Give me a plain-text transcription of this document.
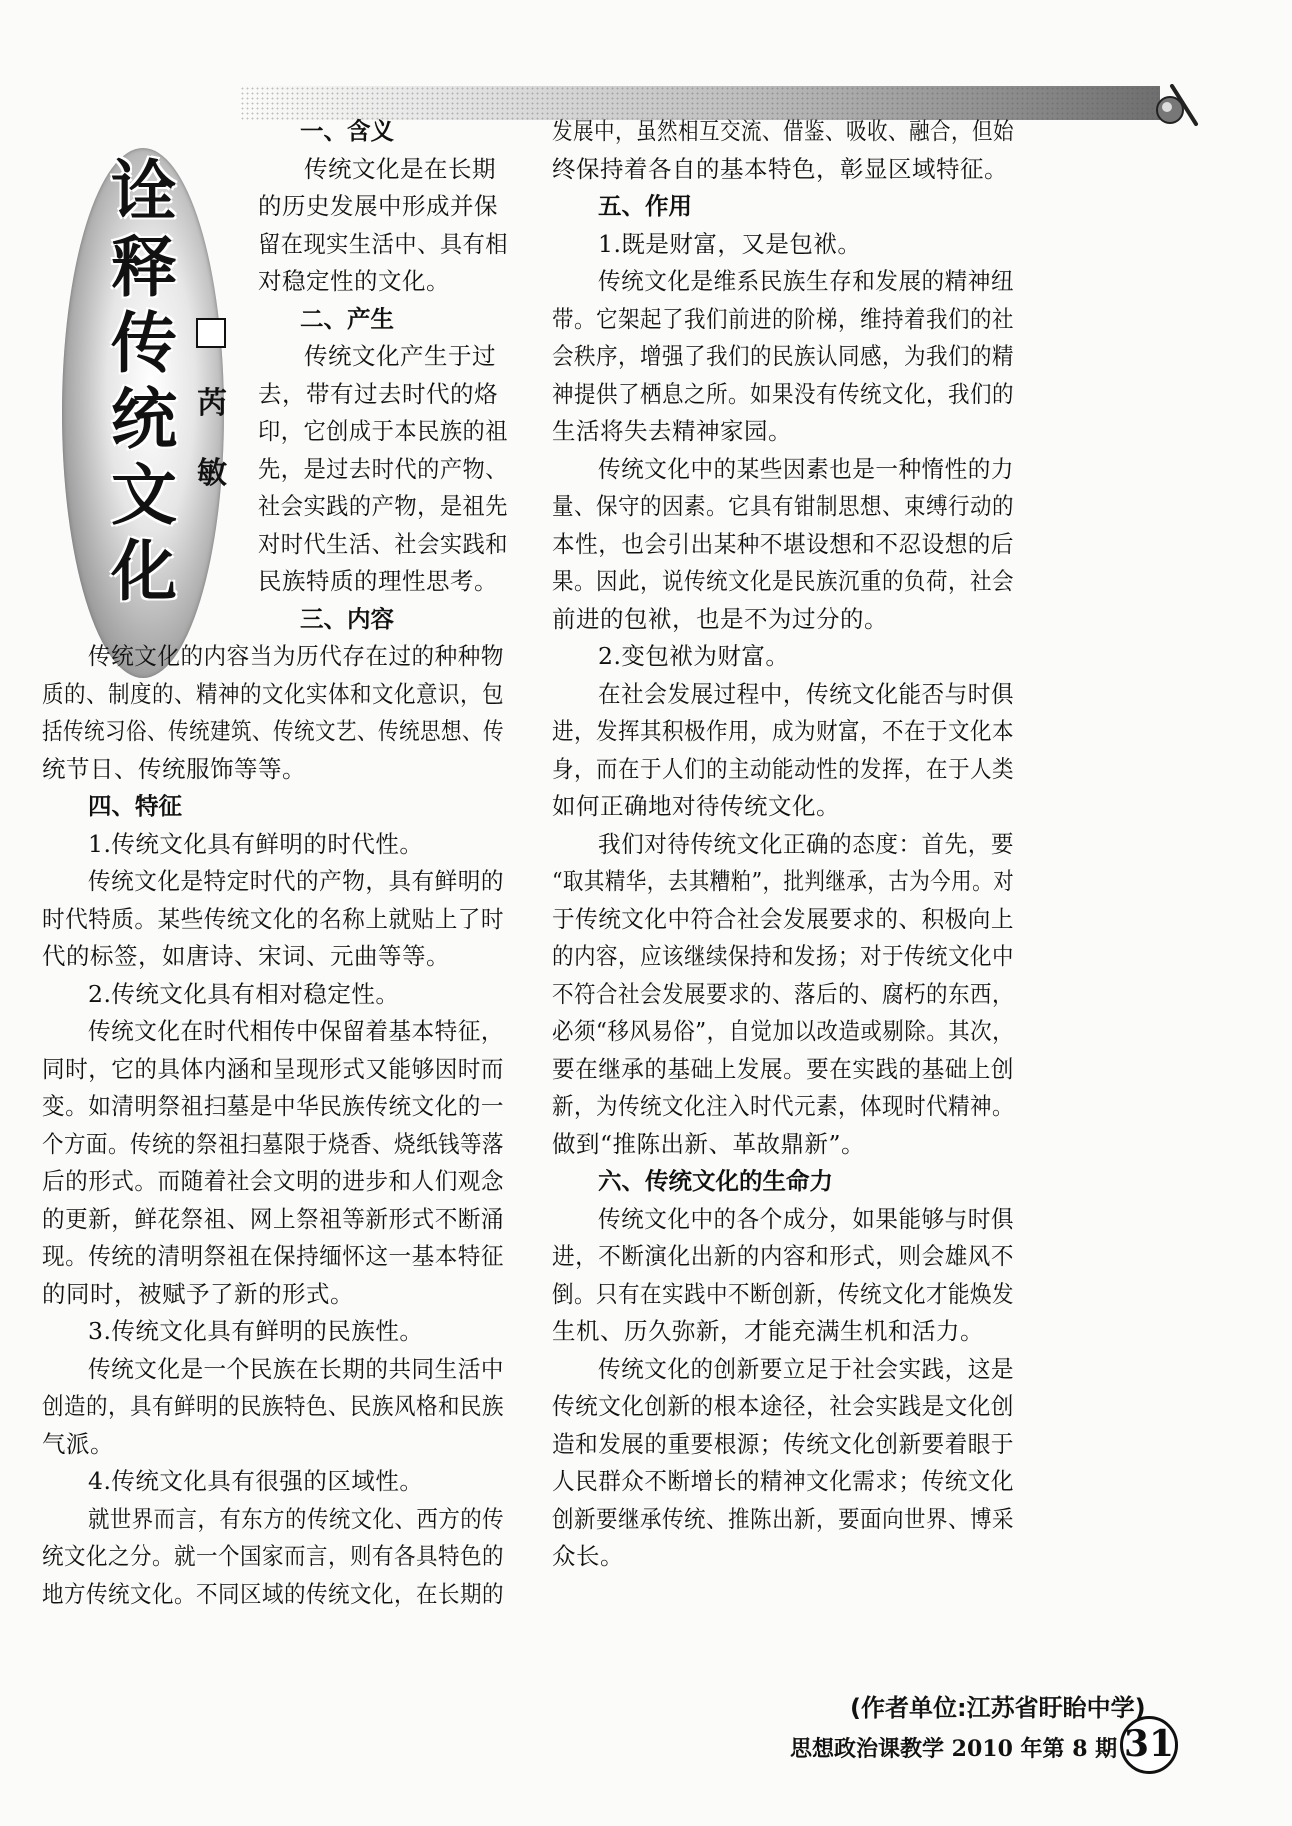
诠
释
传
统
文
化
芮
敏
一、含义
传统文化是在长期
的历史发展中形成并保
留在现实生活中、具有相
对稳定性的文化。
二、产生
传统文化产生于过
去，带有过去时代的烙
印，它创成于本民族的祖
先，是过去时代的产物、
社会实践的产物，是祖先
对时代生活、社会实践和
民族特质的理性思考。
三、内容
传统文化的内容当为历代存在过的种种物
质的、制度的、精神的文化实体和文化意识，包
括传统习俗、传统建筑、传统文艺、传统思想、传
统节日、传统服饰等等。
四、特征
1.传统文化具有鲜明的时代性。
传统文化是特定时代的产物，具有鲜明的
时代特质。某些传统文化的名称上就贴上了时
代的标签，如唐诗、宋词、元曲等等。
2.传统文化具有相对稳定性。
传统文化在时代相传中保留着基本特征，
同时，它的具体内涵和呈现形式又能够因时而
变。如清明祭祖扫墓是中华民族传统文化的一
个方面。传统的祭祖扫墓限于烧香、烧纸钱等落
后的形式。而随着社会文明的进步和人们观念
的更新，鲜花祭祖、网上祭祖等新形式不断涌
现。传统的清明祭祖在保持缅怀这一基本特征
的同时，被赋予了新的形式。
3.传统文化具有鲜明的民族性。
传统文化是一个民族在长期的共同生活中
创造的，具有鲜明的民族特色、民族风格和民族
气派。
4.传统文化具有很强的区域性。
就世界而言，有东方的传统文化、西方的传
统文化之分。就一个国家而言，则有各具特色的
地方传统文化。不同区域的传统文化，在长期的
发展中，虽然相互交流、借鉴、吸收、融合，但始
终保持着各自的基本特色，彰显区域特征。
五、作用
1.既是财富，又是包袱。
传统文化是维系民族生存和发展的精神纽
带。它架起了我们前进的阶梯，维持着我们的社
会秩序，增强了我们的民族认同感，为我们的精
神提供了栖息之所。如果没有传统文化，我们的
生活将失去精神家园。
传统文化中的某些因素也是一种惰性的力
量、保守的因素。它具有钳制思想、束缚行动的
本性，也会引出某种不堪设想和不忍设想的后
果。因此，说传统文化是民族沉重的负荷，社会
前进的包袱，也是不为过分的。
2.变包袱为财富。
在社会发展过程中，传统文化能否与时俱
进，发挥其积极作用，成为财富，不在于文化本
身，而在于人们的主动能动性的发挥，在于人类
如何正确地对待传统文化。
我们对待传统文化正确的态度：首先，要
“取其精华，去其糟粕”，批判继承，古为今用。对
于传统文化中符合社会发展要求的、积极向上
的内容，应该继续保持和发扬；对于传统文化中
不符合社会发展要求的、落后的、腐朽的东西，
必须“移风易俗”，自觉加以改造或剔除。其次，
要在继承的基础上发展。要在实践的基础上创
新，为传统文化注入时代元素，体现时代精神。
做到“推陈出新、革故鼎新”。
六、传统文化的生命力
传统文化中的各个成分，如果能够与时俱
进，不断演化出新的内容和形式，则会雄风不
倒。只有在实践中不断创新，传统文化才能焕发
生机、历久弥新，才能充满生机和活力。
传统文化的创新要立足于社会实践，这是
传统文化创新的根本途径，社会实践是文化创
造和发展的重要根源；传统文化创新要着眼于
人民群众不断增长的精神文化需求；传统文化
创新要继承传统、推陈出新，要面向世界、博采
众长。
(作者单位:江苏省盱眙中学)
思想政治课教学 2010 年第 8 期 31
